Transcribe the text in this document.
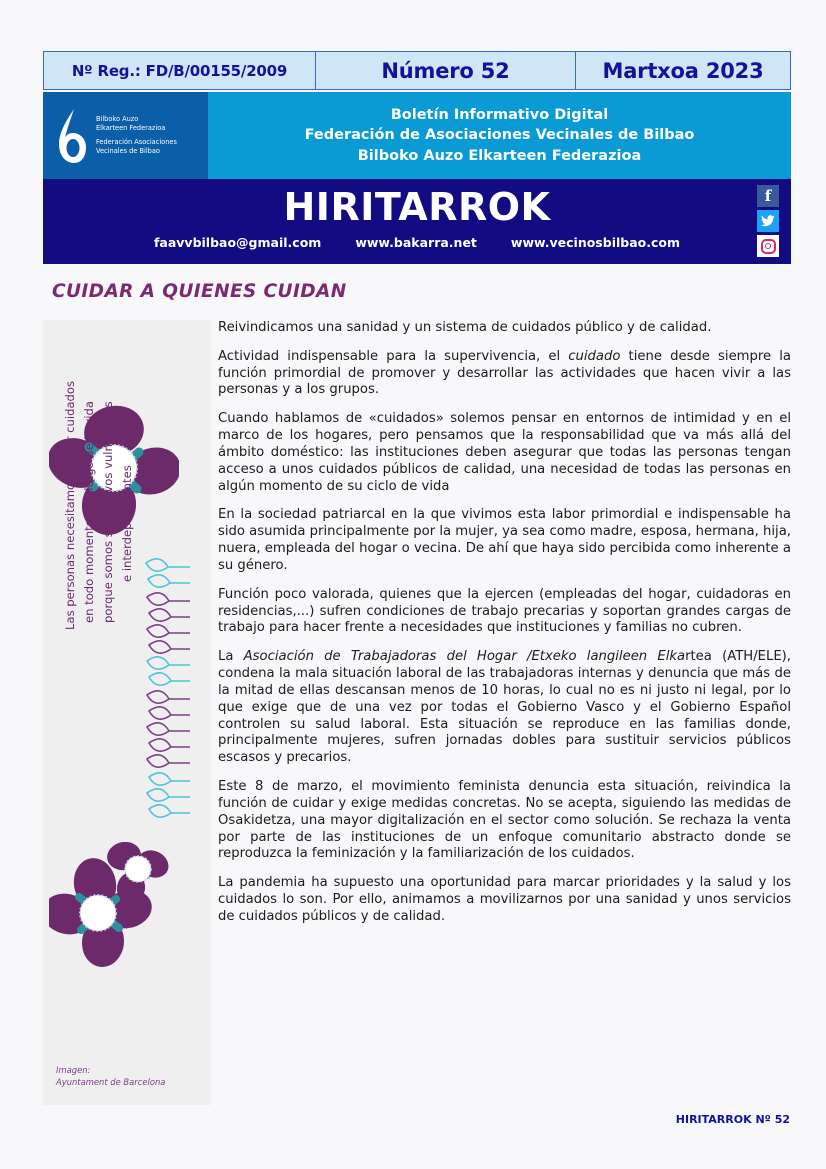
Nº Reg.: FD/B/00155/2009	Número 52	Martxoa 2023
Bilboko Auzo
Elkarteen Federazioa
Federación Asociaciones
Vecinales de Bilbao
Boletín Informativo Digital
Federación de Asociaciones Vecinales de Bilbao
Bilboko Auzo Elkarteen Federazioa
HIRITARROK
faavvbilbao@gmail.com	www.bakarra.net	www.vecinosbilbao.com
f
CUIDAR A QUIENES CUIDAN
Las personas necesitamos recibir cuidados en todo momento a lo largo de la vida porque somos seres vivos vulnerables e interdependientes
Imagen:
Ayuntament de Barcelona

Reivindicamos una sanidad y un sistema de cuidados público y de calidad.

Actividad indispensable para la supervivencia, el cuidado tiene desde siempre la función primordial de promover y desarrollar las actividades que hacen vivir a las personas y a los grupos.

Cuando hablamos de «cuidados» solemos pensar en entornos de intimidad y en el marco de los hogares, pero pensamos que la responsabilidad que va más allá del ámbito doméstico: las instituciones deben asegurar que todas las personas tengan acceso a unos cuidados públicos de calidad, una necesidad de todas las personas en algún momento de su ciclo de vida

En la sociedad patriarcal en la que vivimos esta labor primordial e indispensable ha sido asumida principalmente por la mujer, ya sea como madre, esposa, hermana, hija, nuera, empleada del hogar o vecina. De ahí que haya sido percibida como inherente a su género.

Función poco valorada, quienes que la ejercen (empleadas del hogar, cuidadoras en residencias,...) sufren condiciones de trabajo precarias y soportan grandes cargas de trabajo para hacer frente a necesidades que instituciones y familias no cubren.

La Asociación de Trabajadoras del Hogar /Etxeko langileen Elkartea (ATH/ELE), condena la mala situación laboral de las trabajadoras internas y denuncia que más de la mitad de ellas descansan menos de 10 horas, lo cual no es ni justo ni legal, por lo que exige que de una vez por todas el Gobierno Vasco y el Gobierno Español controlen su salud laboral. Esta situación se reproduce en las familias donde, principalmente mujeres, sufren jornadas dobles para sustituir servicios públicos escasos y precarios.

Este 8 de marzo, el movimiento feminista denuncia esta situación, reivindica la función de cuidar y exige medidas concretas. No se acepta, siguiendo las medidas de Osakidetza, una mayor digitalización en el sector como solución. Se rechaza la venta por parte de las instituciones de un enfoque comunitario abstracto donde se reproduzca la feminización y la familiarización de los cuidados.

La pandemia ha supuesto una oportunidad para marcar prioridades y la salud y los cuidados lo son. Por ello, animamos a movilizarnos por una sanidad y unos servicios de cuidados públicos y de calidad.

HIRITARROK Nº 52
